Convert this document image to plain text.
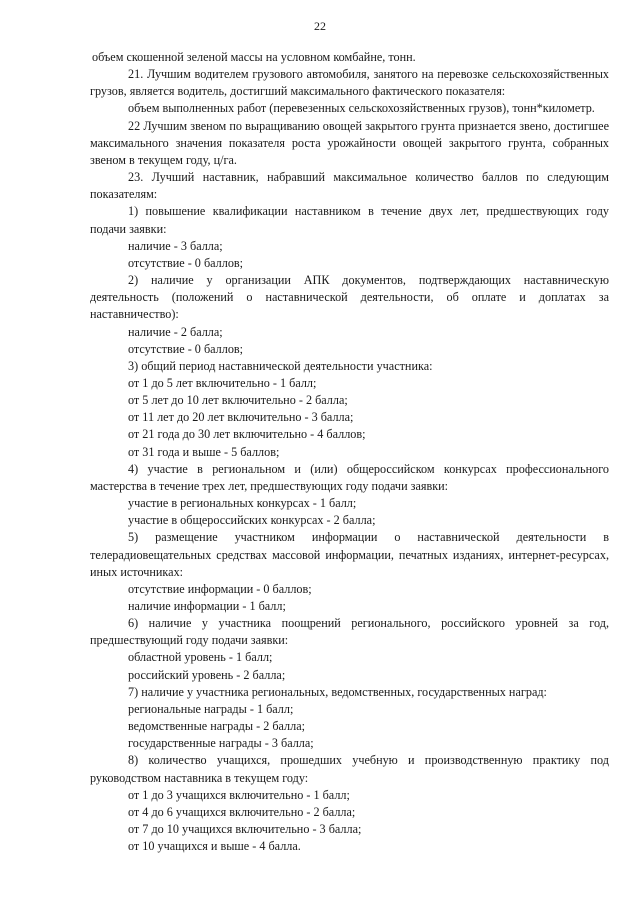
22

объем скошенной зеленой массы на условном комбайне, тонн.

21. Лучшим водителем грузового автомобиля, занятого на перевозке сельскохозяйственных грузов, является водитель, достигший максимального фактического показателя:

объем выполненных работ (перевезенных сельскохозяйственных грузов), тонн*километр.

22 Лучшим звеном по выращиванию овощей закрытого грунта признается звено, достигшее максимального значения показателя роста урожайности овощей закрытого грунта, собранных звеном в текущем году, ц/га.

23. Лучший наставник, набравший максимальное количество баллов по следующим показателям:

1) повышение квалификации наставником в течение двух лет, предшествующих году подачи заявки:

наличие - 3 балла;

отсутствие - 0 баллов;

2) наличие у организации АПК документов, подтверждающих наставническую деятельность (положений о наставнической деятельности, об оплате и доплатах за наставничество):

наличие - 2 балла;

отсутствие - 0 баллов;

3) общий период наставнической деятельности участника:

от 1 до 5 лет включительно - 1 балл;

от 5 лет до 10 лет включительно - 2 балла;

от 11 лет до 20 лет включительно - 3 балла;

от 21 года до 30 лет включительно - 4 баллов;

от 31 года и выше - 5 баллов;

4) участие в региональном и (или) общероссийском конкурсах профессионального мастерства в течение трех лет, предшествующих году подачи заявки:

участие в региональных конкурсах - 1 балл;

участие в общероссийских конкурсах - 2 балла;

5) размещение участником информации о наставнической деятельности в телерадиовещательных средствах массовой информации, печатных изданиях, интернет-ресурсах, иных источниках:

отсутствие информации - 0 баллов;

наличие информации - 1 балл;

6) наличие у участника поощрений регионального, российского уровней за год, предшествующий году подачи заявки:

областной уровень - 1 балл;

российский уровень - 2 балла;

7) наличие у участника региональных, ведомственных, государственных наград:

региональные награды - 1 балл;

ведомственные награды - 2 балла;

государственные награды - 3 балла;

8) количество учащихся, прошедших учебную и производственную практику под руководством наставника в текущем году:

от 1 до 3 учащихся включительно - 1 балл;

от 4 до 6 учащихся включительно - 2 балла;

от 7 до 10 учащихся включительно - 3 балла;

от 10 учащихся и выше - 4 балла.
